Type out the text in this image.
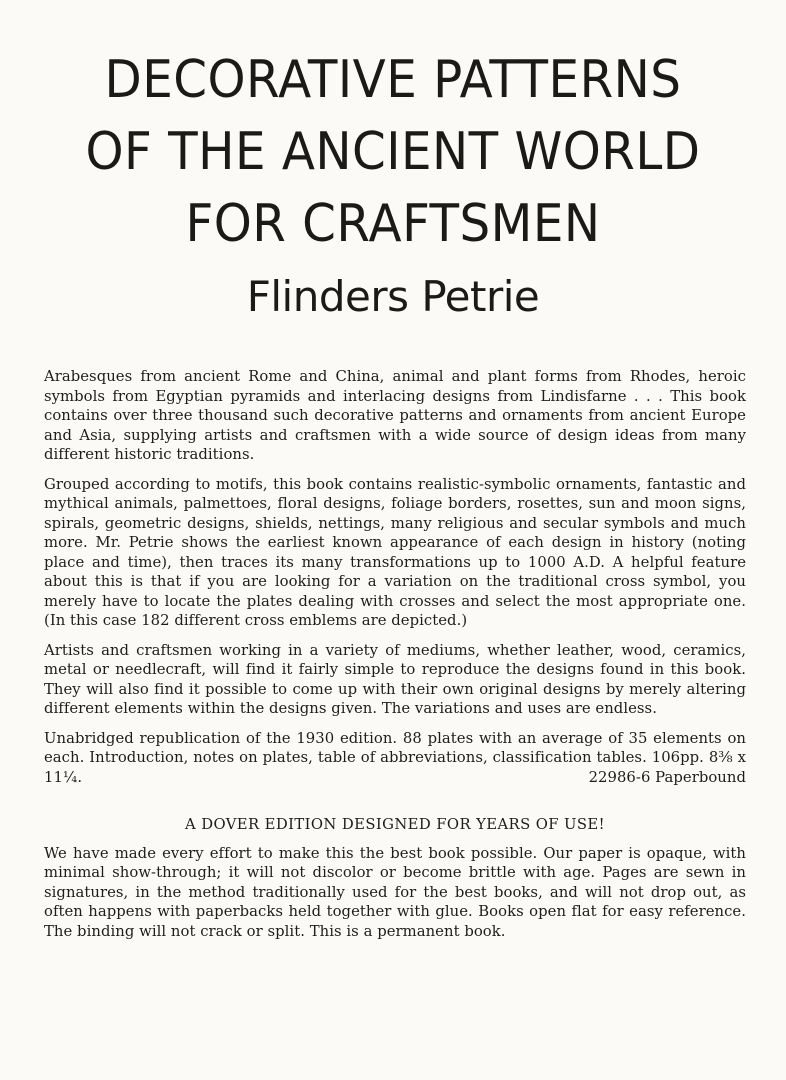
DECORATIVE PATTERNS
OF THE ANCIENT WORLD
FOR CRAFTSMEN
Flinders Petrie

Arabesques from ancient Rome and China, animal and plant forms from Rhodes, heroic symbols from Egyptian pyramids and interlacing designs from Lindisfarne . . . This book contains over three thousand such decorative patterns and ornaments from ancient Europe and Asia, supplying artists and craftsmen with a wide source of design ideas from many different historic traditions.

Grouped according to motifs, this book contains realistic-symbolic ornaments, fantastic and mythical animals, palmettoes, floral designs, foliage borders, rosettes, sun and moon signs, spirals, geometric designs, shields, nettings, many religious and secular symbols and much more. Mr. Petrie shows the earliest known appearance of each design in history (noting place and time), then traces its many transformations up to 1000 A.D. A helpful feature about this is that if you are looking for a variation on the traditional cross symbol, you merely have to locate the plates dealing with crosses and select the most appropriate one. (In this case 182 different cross emblems are depicted.)

Artists and craftsmen working in a variety of mediums, whether leather, wood, ceramics, metal or needlecraft, will find it fairly simple to reproduce the designs found in this book. They will also find it possible to come up with their own original designs by merely altering different elements within the designs given. The variations and uses are endless.

Unabridged republication of the 1930 edition. 88 plates with an average of 35 elements on each. Introduction, notes on plates, table of abbreviations, classification tables. 106pp. 8⅜ x 11¼.	22986-6 Paperbound
A DOVER EDITION DESIGNED FOR YEARS OF USE!

We have made every effort to make this the best book possible. Our paper is opaque, with minimal show-through; it will not discolor or become brittle with age. Pages are sewn in signatures, in the method traditionally used for the best books, and will not drop out, as often happens with paperbacks held together with glue. Books open flat for easy reference. The binding will not crack or split. This is a permanent book.
